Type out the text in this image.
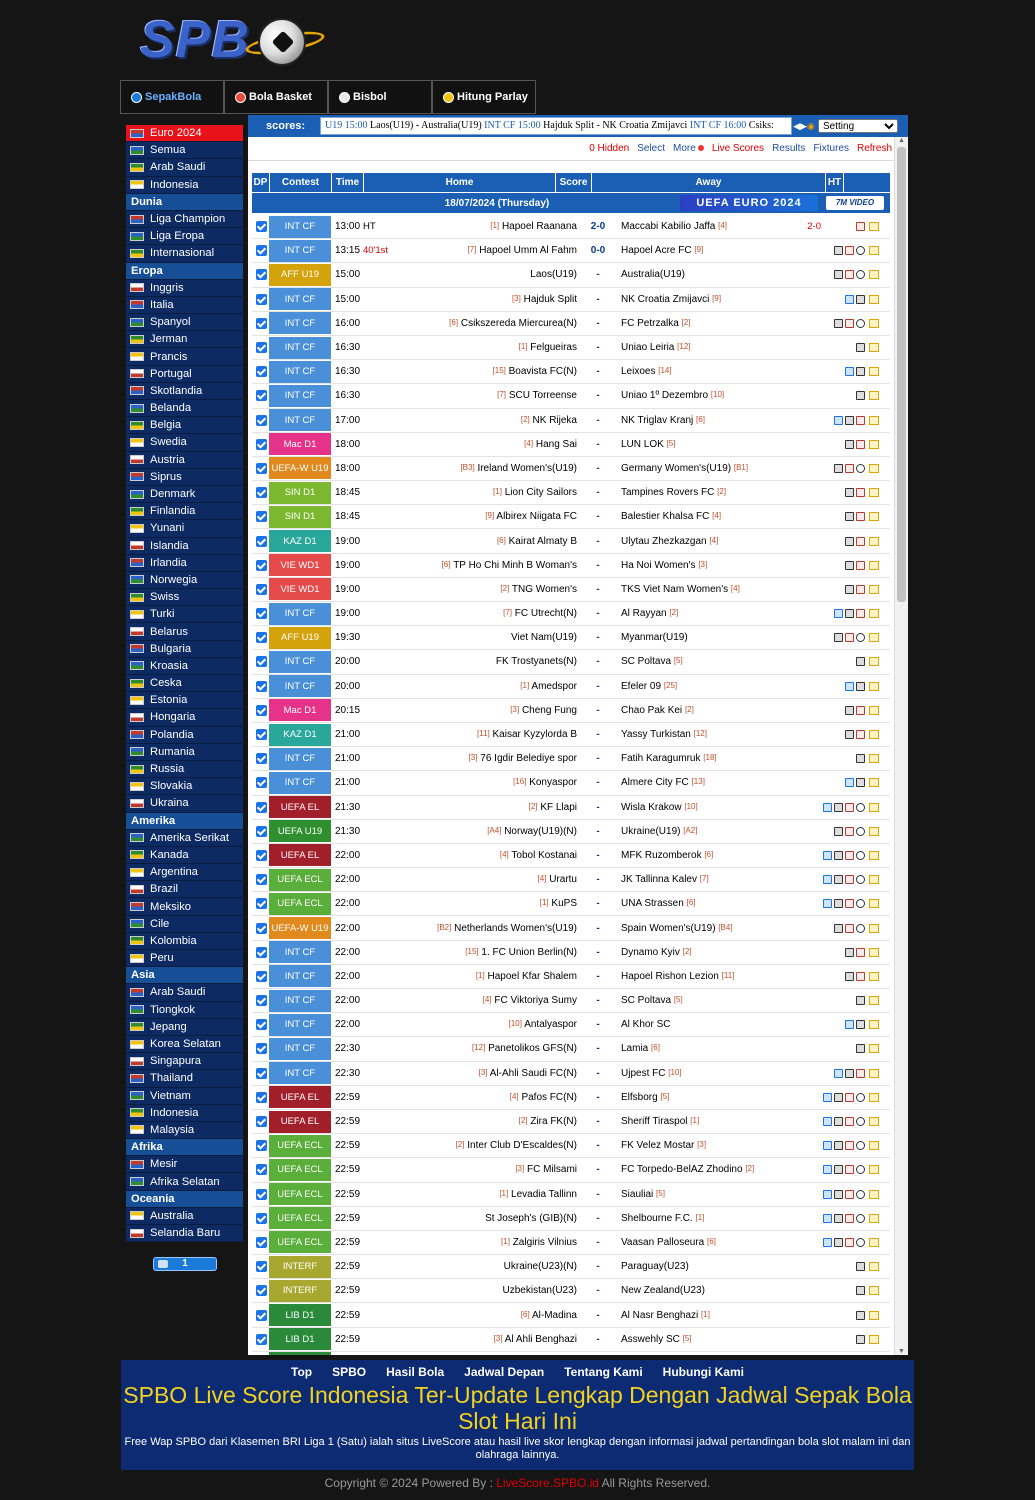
SPB
SepakBola	Bola Basket	Bisbol	Hitung Parlay
Euro 2024
Semua
Arab Saudi
Indonesia
Dunia
Liga Champion
Liga Eropa
Internasional
Eropa
Inggris
Italia
Spanyol
Jerman
Prancis
Portugal
Skotlandia
Belanda
Belgia
Swedia
Austria
Siprus
Denmark
Finlandia
Yunani
Islandia
Irlandia
Norwegia
Swiss
Turki
Belarus
Bulgaria
Kroasia
Ceska
Estonia
Hongaria
Polandia
Rumania
Russia
Slovakia
Ukraina
Amerika
Amerika Serikat
Kanada
Argentina
Brazil
Meksiko
Cile
Kolombia
Peru
Asia
Arab Saudi
Tiongkok
Jepang
Korea Selatan
Singapura
Thailand
Vietnam
Indonesia
Malaysia
Afrika
Mesir
Afrika Selatan
Oceania
Australia
Selandia Baru
1
scores:	U19 15:00 Laos(U19) - Australia(U19) INT CF 15:00 Hajduk Split - NK Croatia Zmijavci INT CF 16:00 Csiks:	◀▶◉
Setting
0 Hidden Select More	Live Scores Results Fixtures Refresh
DP	Contest	Time	Home	Score	Away	HT
18/07/2024 (Thursday)	UEFA EURO 2024	7M VIDEO
INT CF	13:00 HT	[1] Hapoel Raanana	2-0	Maccabi Kabilio Jaffa [4]	2-0
INT CF	13:15 40'1st	[7] Hapoel Umm Al Fahm	0-0	Hapoel Acre FC [9]
AFF U19	15:00	Laos(U19)	-	Australia(U19)
INT CF	15:00	[3] Hajduk Split	-	NK Croatia Zmijavci [9]
INT CF	16:00	[6] Csikszereda Miercurea(N)	-	FC Petrzalka [2]
INT CF	16:30	[1] Felgueiras	-	Uniao Leiria [12]
INT CF	16:30	[15] Boavista FC(N)	-	Leixoes [14]
INT CF	16:30	[7] SCU Torreense	-	Uniao 1º Dezembro [10]
INT CF	17:00	[2] NK Rijeka	-	NK Triglav Kranj [6]
Mac D1	18:00	[4] Hang Sai	-	LUN LOK [5]
UEFA-W U19 18:00	[B3] Ireland Women's(U19)	-	Germany Women's(U19) [B1]
SIN D1	18:45	[1] Lion City Sailors	-	Tampines Rovers FC [2]
SIN D1	18:45	[9] Albirex Niigata FC	-	Balestier Khalsa FC [4]
KAZ D1	19:00	[6] Kairat Almaty B	-	Ulytau Zhezkazgan [4]
VIE WD1	19:00	[6] TP Ho Chi Minh B Woman's	-	Ha Noi Women's [3]
VIE WD1	19:00	[2] TNG Women's	-	TKS Viet Nam Women's [4]
INT CF	19:00	[7] FC Utrecht(N)	-	Al Rayyan [2]
AFF U19	19:30	Viet Nam(U19)	-	Myanmar(U19)
INT CF	20:00	FK Trostyanets(N)	-	SC Poltava [5]
INT CF	20:00	[1] Amedspor	-	Efeler 09 [25]
Mac D1	20:15	[3] Cheng Fung	-	Chao Pak Kei [2]
KAZ D1	21:00	[11] Kaisar Kyzylorda B	-	Yassy Turkistan [12]
INT CF	21:00	[3] 76 Igdir Belediye spor	-	Fatih Karagumruk [18]
INT CF	21:00	[16] Konyaspor	-	Almere City FC [13]
UEFA EL	21:30	[2] KF Llapi	-	Wisla Krakow [10]
UEFA U19	21:30	[A4] Norway(U19)(N)	-	Ukraine(U19) [A2]
UEFA EL	22:00	[4] Tobol Kostanai	-	MFK Ruzomberok [6]
UEFA ECL	22:00	[4] Urartu	-	JK Tallinna Kalev [7]
UEFA ECL	22:00	[1] KuPS	-	UNA Strassen [6]
UEFA-W U19 22:00	[B2] Netherlands Women's(U19)	-	Spain Women's(U19) [B4]
INT CF	22:00	[15] 1. FC Union Berlin(N)	-	Dynamo Kyiv [2]
INT CF	22:00	[1] Hapoel Kfar Shalem	-	Hapoel Rishon Lezion [11]
INT CF	22:00	[4] FC Viktoriya Sumy	-	SC Poltava [5]
INT CF	22:00	[10] Antalyaspor	-	Al Khor SC
INT CF	22:30	[12] Panetolikos GFS(N)	-	Lamia [6]
INT CF	22:30	[3] Al-Ahli Saudi FC(N)	-	Ujpest FC [10]
UEFA EL	22:59	[4] Pafos FC(N)	-	Elfsborg [5]
UEFA EL	22:59	[2] Zira FK(N)	-	Sheriff Tiraspol [1]
UEFA ECL	22:59	[2] Inter Club D'Escaldes(N)	-	FK Velez Mostar [3]
UEFA ECL	22:59	[3] FC Milsami	-	FC Torpedo-BelAZ Zhodino [2]
UEFA ECL	22:59	[1] Levadia Tallinn	-	Siauliai [5]
UEFA ECL	22:59	St Joseph's (GIB)(N)	-	Shelbourne F.C. [1]
UEFA ECL	22:59	[1] Zalgiris Vilnius	-	Vaasan Palloseura [6]
INTERF	22:59	Ukraine(U23)(N)	-	Paraguay(U23)
INTERF	22:59	Uzbekistan(U23)	-	New Zealand(U23)
LIB D1	22:59	[6] Al-Madina	-	Al Nasr Benghazi [1]
LIB D1	22:59	[3] Al Ahli Benghazi	-	Asswehly SC [5]
▲
▼
Top SPBO Hasil Bola Jadwal Depan Tentang Kami Hubungi Kami
SPBO Live Score Indonesia Ter-Update Lengkap Dengan Jadwal Sepak Bola Slot Hari Ini

Free Wap SPBO dari Klasemen BRI Liga 1 (Satu) ialah situs LiveScore atau hasil live skor lengkap dengan informasi jadwal pertandingan bola slot malam ini dan olahraga lainnya.

Copyright © 2024 Powered By : LiveScore.SPBO.id All Rights Reserved.
